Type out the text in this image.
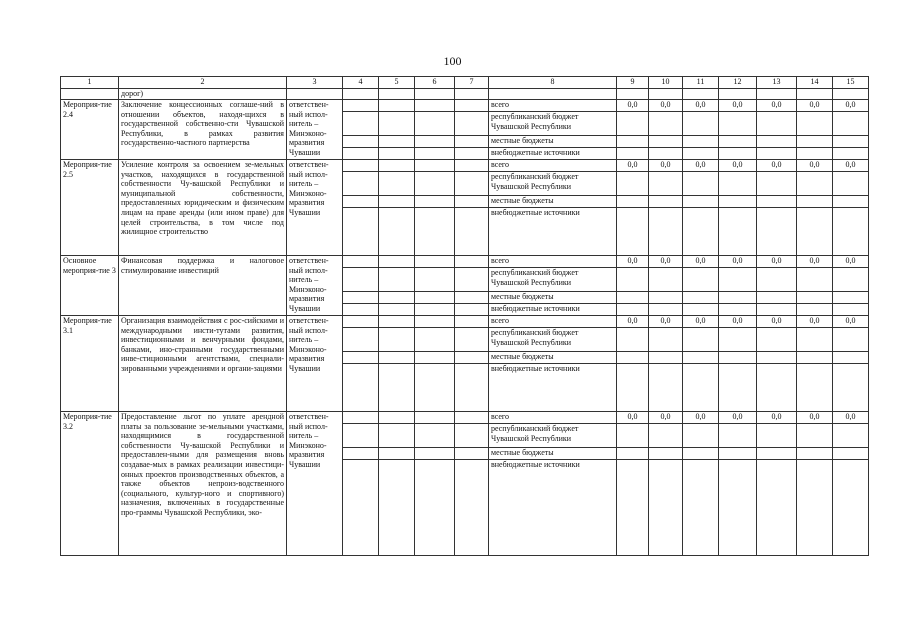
100
1	2	3	4	5	6	7	8	9	10	11	12	13	14	15
	дорог)													
Мероприя-тие 2.4	Заключение концессионных соглаше-ний в отношении объектов, находя-щихся в государственной собственно-сти Чувашской Республики, в рамках развития государственно-частного партнерства	ответствен-ный испол-нитель – Минэконо-мразвития Чувашии					всего	0,0	0,0	0,0	0,0	0,0	0,0	0,0
							республиканский бюджет Чувашской Республики							
							местные бюджеты							
							внебюджетные источники							
Мероприя-тие 2.5	Усиление контроля за освоением зе-мельных участков, находящихся в государственной собственности Чу-вашской Республики и муниципальной собственности, предоставленных юридическим и физическим лицам на праве аренды (или ином праве) для целей строительства, в том числе под жилищное строительство	ответствен-ный испол-нитель – Минэконо-мразвития Чувашии					всего	0,0	0,0	0,0	0,0	0,0	0,0	0,0
							республиканский бюджет Чувашской Республики							
							местные бюджеты							
							внебюджетные источники							
Основное мероприя-тие 3	Финансовая поддержка и налоговое стимулирование инвестиций	ответствен-ный испол-нитель – Минэконо-мразвития Чувашии					всего	0,0	0,0	0,0	0,0	0,0	0,0	0,0
							республиканский бюджет Чувашской Республики							
							местные бюджеты							
							внебюджетные источники							
Мероприя-тие 3.1	Организация взаимодействия с рос-сийскими и международными инсти-тутами развития, инвестиционными и венчурными фондами, банками, ино-странными государственными инве-стиционными агентствами, специали-зированными учреждениями и органи-зациями	ответствен-ный испол-нитель – Минэконо-мразвития Чувашии					всего	0,0	0,0	0,0	0,0	0,0	0,0	0,0
							республиканский бюджет Чувашской Республики							
							местные бюджеты							
							внебюджетные источники							
Мероприя-тие 3.2	Предоставление льгот по уплате арендной платы за пользование зе-мельными участками, находящимися в государственной собственности Чу-вашской Республики и предоставлен-ными для размещения вновь создавае-мых в рамках реализации инвестици-онных проектов производственных объектов, а также объектов непроиз-водственного (социального, культур-ного и спортивного) назначения, включенных в государственные про-граммы Чувашской Республики, эко-	ответствен-ный испол-нитель – Минэконо-мразвития Чувашии					всего	0,0	0,0	0,0	0,0	0,0	0,0	0,0
							республиканский бюджет Чувашской Республики							
							местные бюджеты							
							внебюджетные источники							
